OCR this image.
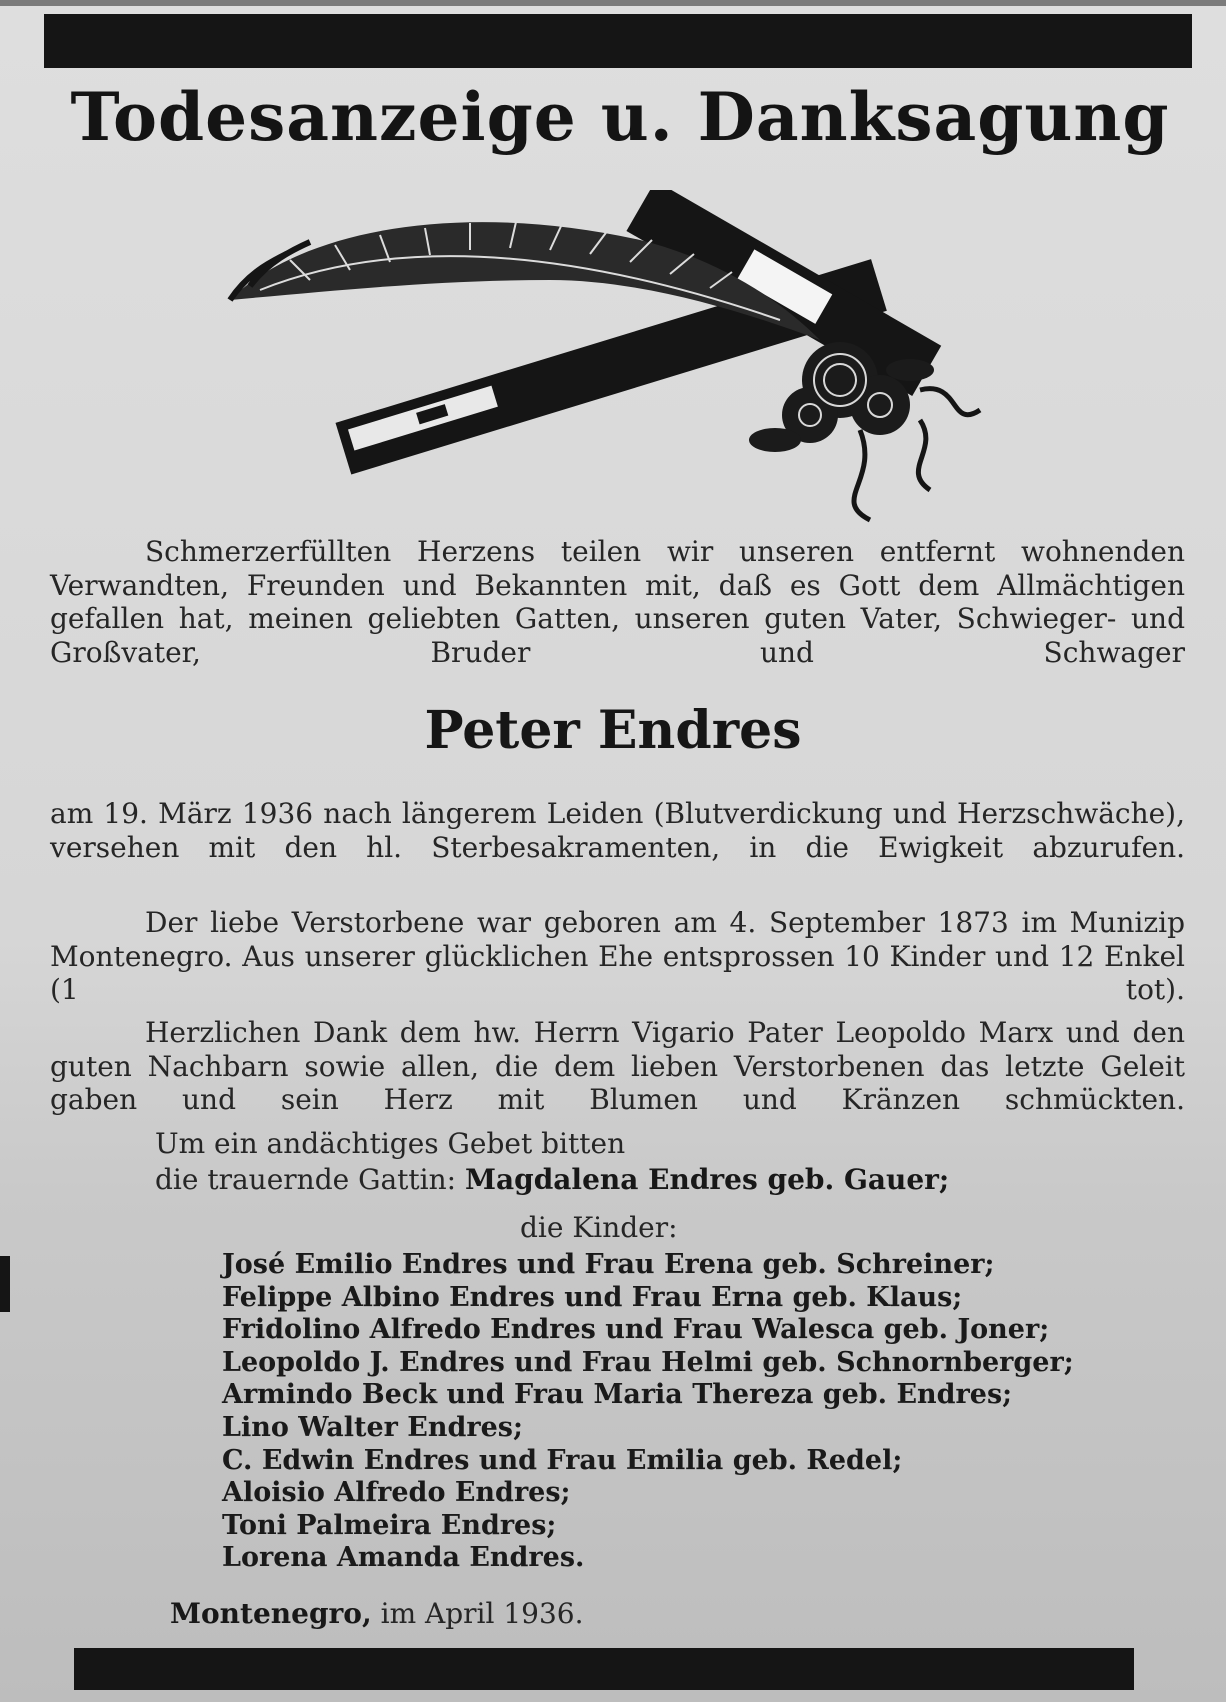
Todesanzeige u. Danksagung
Schmerzerfüllten Herzens teilen wir unseren entfernt wohnenden Verwandten, Freunden und Bekannten mit, daß es Gott dem Allmächtigen gefallen hat, meinen geliebten Gatten, unseren guten Vater, Schwieger- und Großvater, Bruder und Schwager
Peter Endres
am 19. März 1936 nach längerem Leiden (Blutverdickung und Herzschwäche), versehen mit den hl. Sterbesakramenten, in die Ewigkeit abzurufen.
Der liebe Verstorbene war geboren am 4. September 1873 im Munizip Montenegro. Aus unserer glücklichen Ehe entsprossen 10 Kinder und 12 Enkel (1 tot).
Herzlichen Dank dem hw. Herrn Vigario Pater Leopoldo Marx und den guten Nachbarn sowie allen, die dem lieben Verstorbenen das letzte Geleit gaben und sein Herz mit Blumen und Kränzen schmückten.
Um ein andächtiges Gebet bitten
die trauernde Gattin: Magdalena Endres geb. Gauer;
die Kinder:
José Emilio Endres und Frau Erena geb. Schreiner;
Felippe Albino Endres und Frau Erna geb. Klaus;
Fridolino Alfredo Endres und Frau Walesca geb. Joner;
Leopoldo J. Endres und Frau Helmi geb. Schnornberger;
Armindo Beck und Frau Maria Thereza geb. Endres;
Lino Walter Endres;
C. Edwin Endres und Frau Emilia geb. Redel;
Aloisio Alfredo Endres;
Toni Palmeira Endres;
Lorena Amanda Endres.
Montenegro, im April 1936.
